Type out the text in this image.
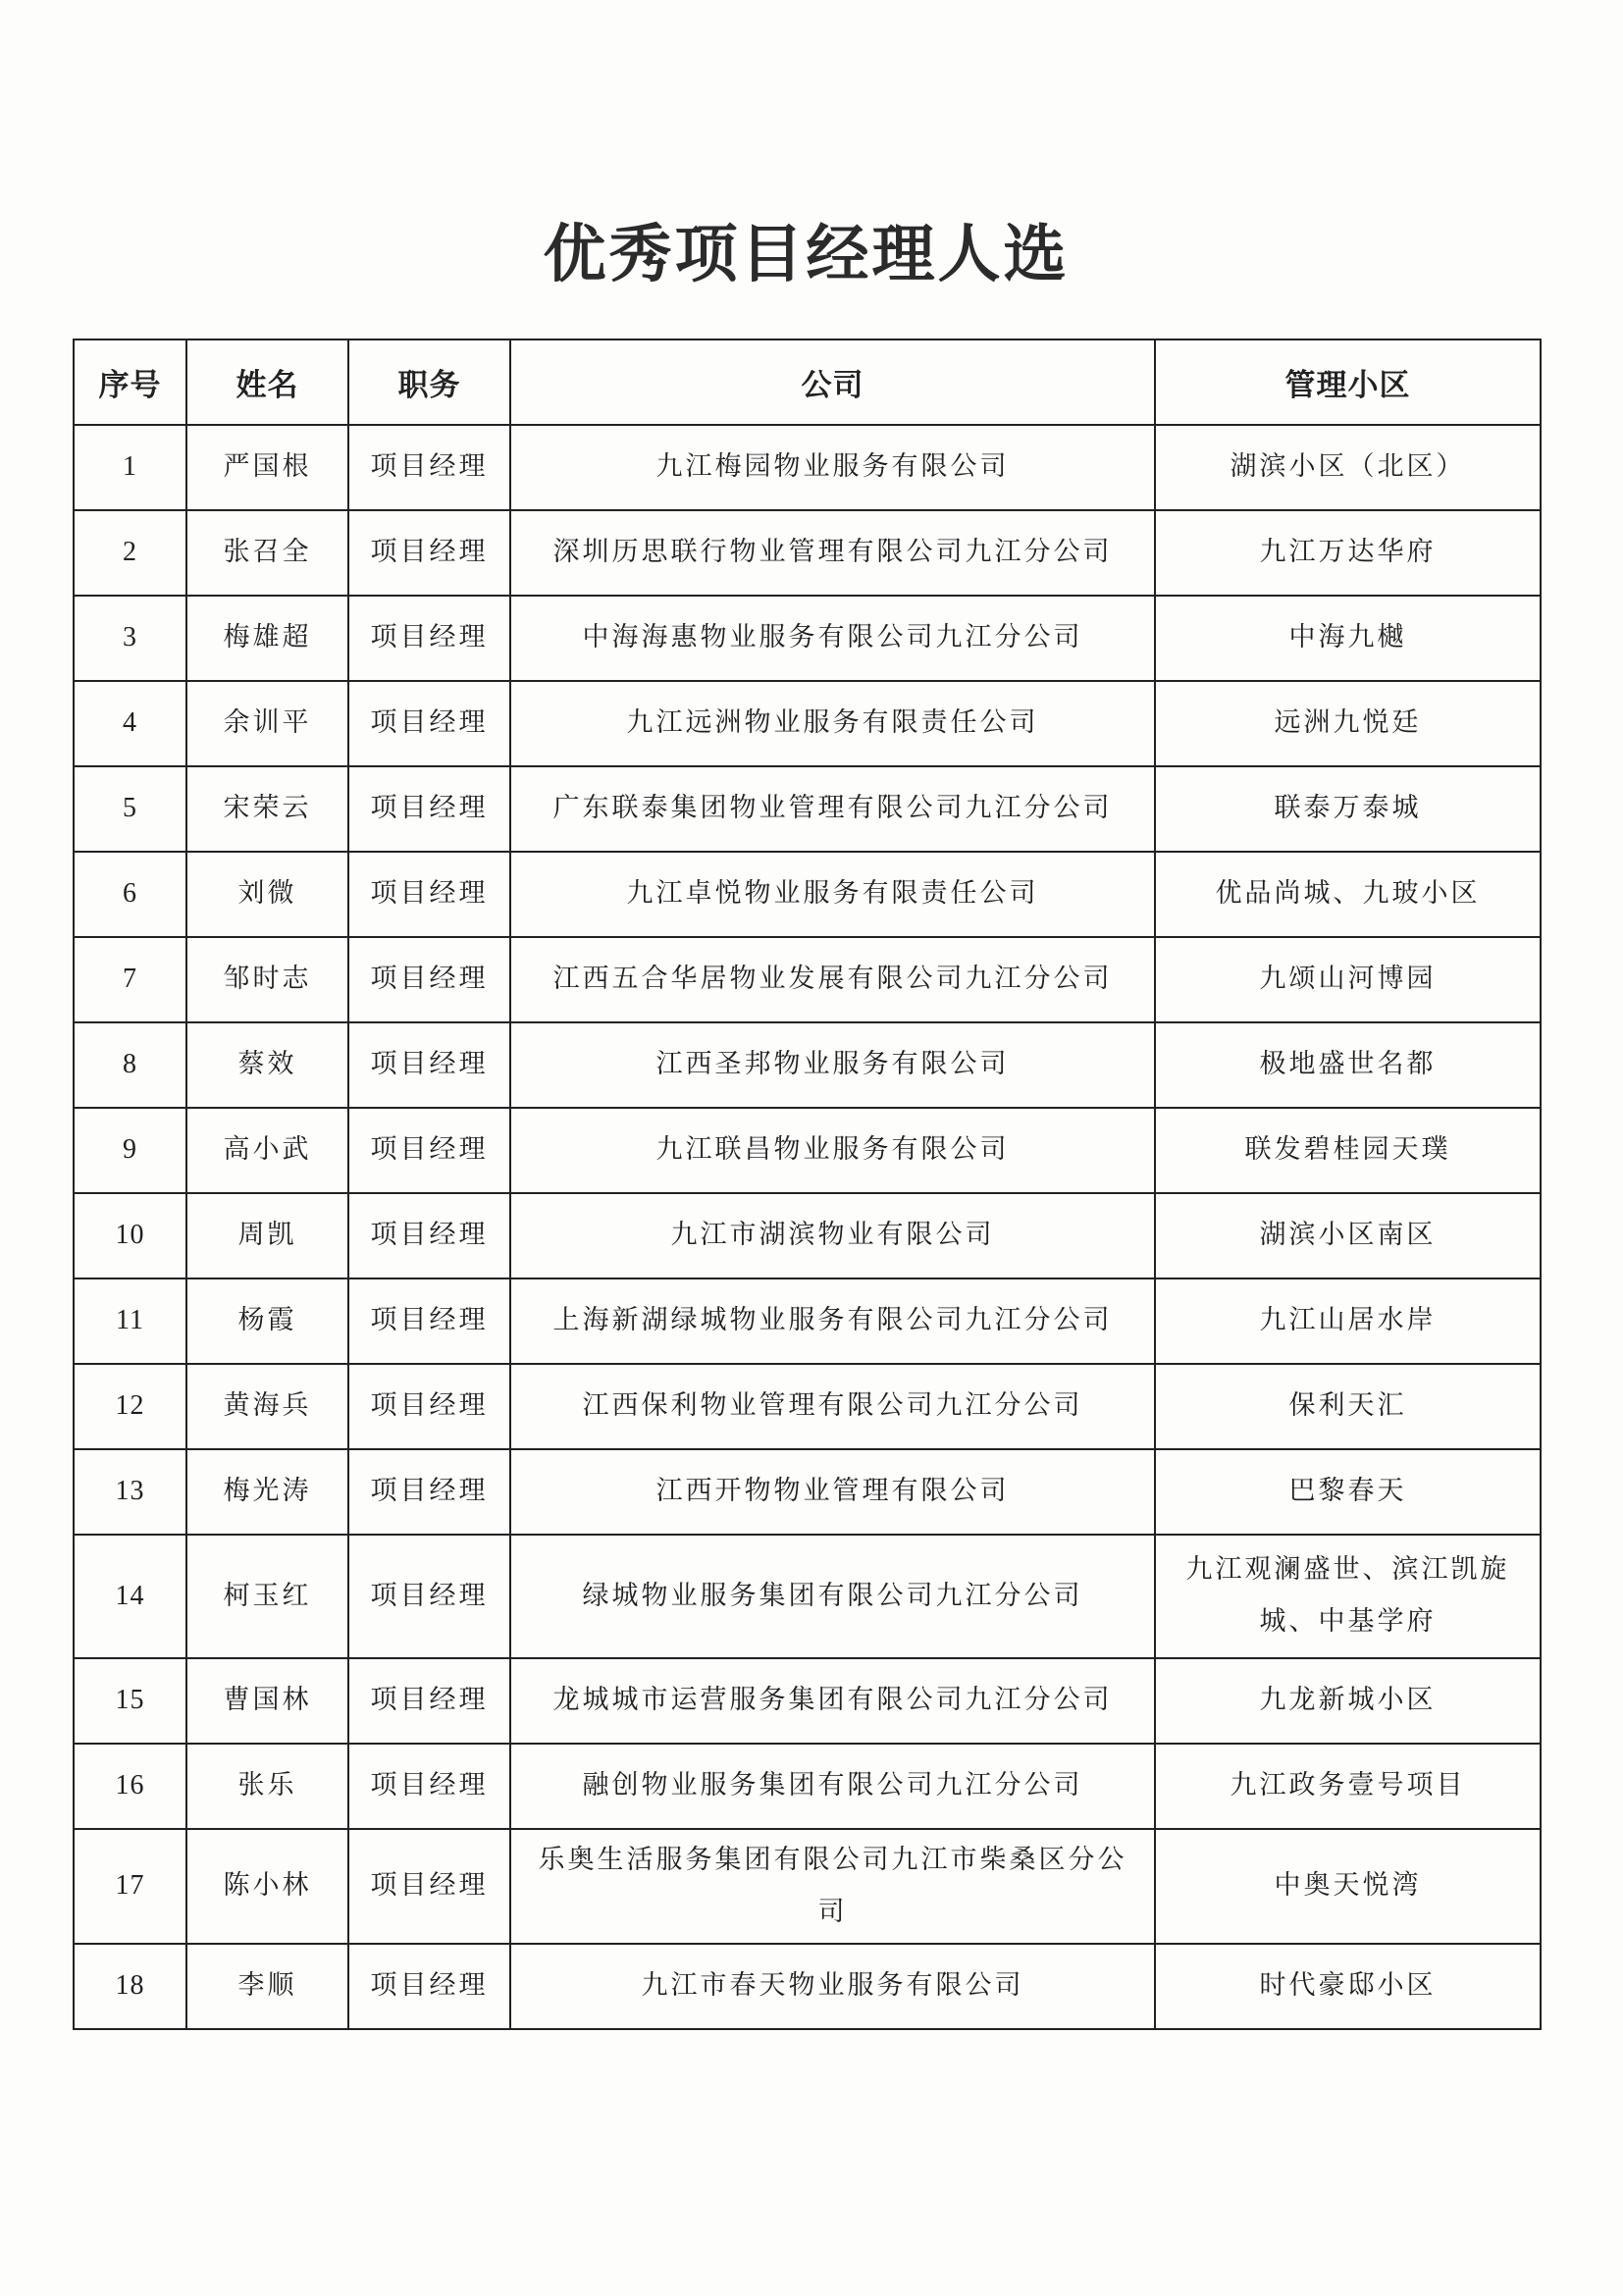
优秀项目经理人选
序号	姓名	职务	公司	管理小区
1	严国根	项目经理	九江梅园物业服务有限公司	湖滨小区（北区）
2	张召全	项目经理	深圳历思联行物业管理有限公司九江分公司	九江万达华府
3	梅雄超	项目经理	中海海惠物业服务有限公司九江分公司	中海九樾
4	余训平	项目经理	九江远洲物业服务有限责任公司	远洲九悦廷
5	宋荣云	项目经理	广东联泰集团物业管理有限公司九江分公司	联泰万泰城
6	刘微	项目经理	九江卓悦物业服务有限责任公司	优品尚城、九玻小区
7	邹时志	项目经理	江西五合华居物业发展有限公司九江分公司	九颂山河博园
8	蔡效	项目经理	江西圣邦物业服务有限公司	极地盛世名都
9	高小武	项目经理	九江联昌物业服务有限公司	联发碧桂园天璞
10	周凯	项目经理	九江市湖滨物业有限公司	湖滨小区南区
11	杨霞	项目经理	上海新湖绿城物业服务有限公司九江分公司	九江山居水岸
12	黄海兵	项目经理	江西保利物业管理有限公司九江分公司	保利天汇
13	梅光涛	项目经理	江西开物物业管理有限公司	巴黎春天
14	柯玉红	项目经理	绿城物业服务集团有限公司九江分公司	九江观澜盛世、滨江凯旋城、中基学府
15	曹国林	项目经理	龙城城市运营服务集团有限公司九江分公司	九龙新城小区
16	张乐	项目经理	融创物业服务集团有限公司九江分公司	九江政务壹号项目
17	陈小林	项目经理	乐奥生活服务集团有限公司九江市柴桑区分公司	中奥天悦湾
18	李顺	项目经理	九江市春天物业服务有限公司	时代豪邸小区
